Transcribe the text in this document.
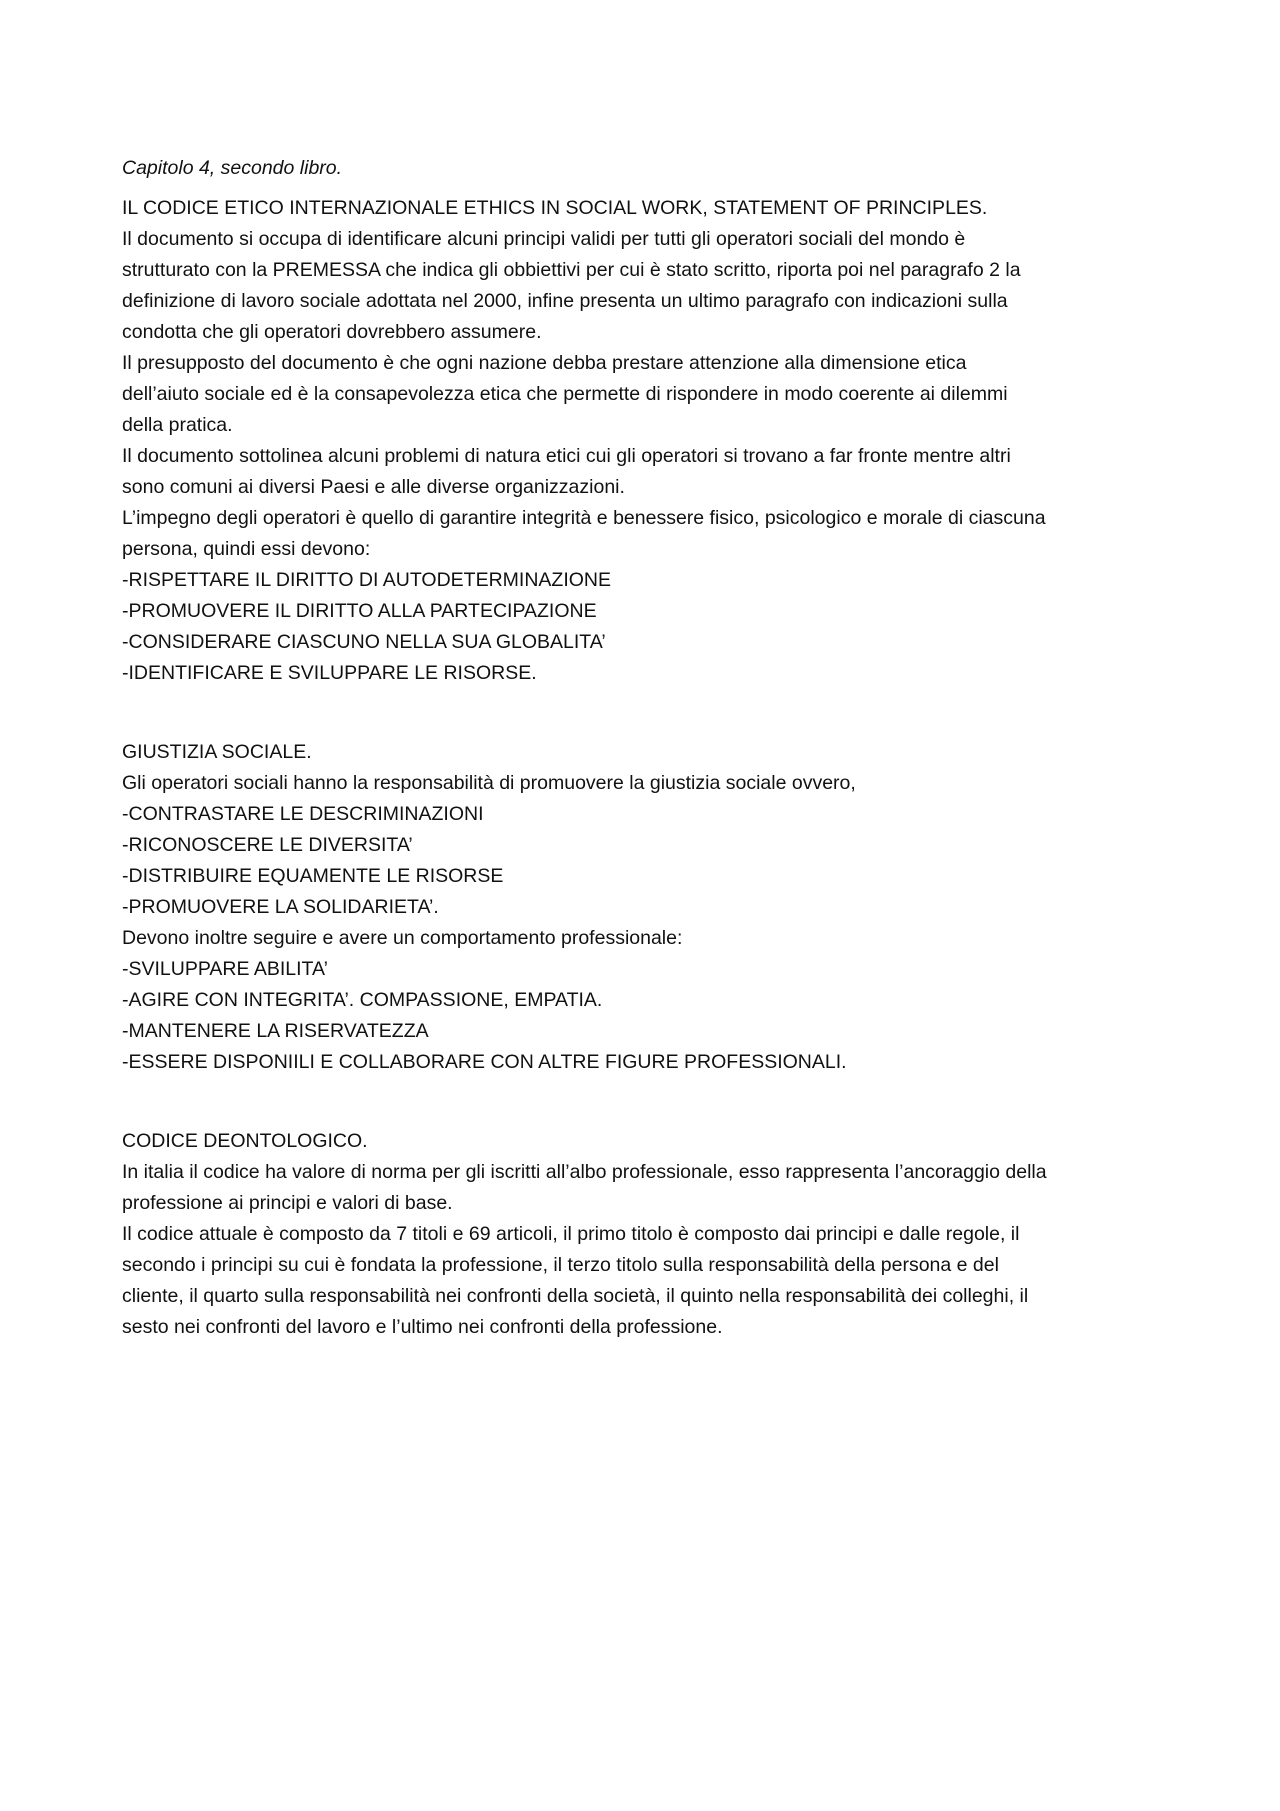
Capitolo 4, secondo libro.
IL CODICE ETICO INTERNAZIONALE ETHICS IN SOCIAL WORK, STATEMENT OF PRINCIPLES.
Il documento si occupa di identificare alcuni principi validi per tutti gli operatori sociali del mondo è
strutturato con la PREMESSA che indica gli obbiettivi per cui è stato scritto, riporta poi nel paragrafo 2 la
definizione di lavoro sociale adottata nel 2000, infine presenta un ultimo paragrafo con indicazioni sulla
condotta che gli operatori dovrebbero assumere.
Il presupposto del documento è che ogni nazione debba prestare attenzione alla dimensione etica
dell’aiuto sociale ed è la consapevolezza etica che permette di rispondere in modo coerente ai dilemmi
della pratica.
Il documento sottolinea alcuni problemi di natura etici cui gli operatori si trovano a far fronte mentre altri
sono comuni ai diversi Paesi e alle diverse organizzazioni.
L’impegno degli operatori è quello di garantire integrità e benessere fisico, psicologico e morale di ciascuna
persona, quindi essi devono:
-RISPETTARE IL DIRITTO DI AUTODETERMINAZIONE
-PROMUOVERE IL DIRITTO ALLA PARTECIPAZIONE
-CONSIDERARE CIASCUNO NELLA SUA GLOBALITA’
-IDENTIFICARE E SVILUPPARE LE RISORSE.
GIUSTIZIA SOCIALE.
Gli operatori sociali hanno la responsabilità di promuovere la giustizia sociale ovvero,
-CONTRASTARE LE DESCRIMINAZIONI
-RICONOSCERE LE DIVERSITA’
-DISTRIBUIRE EQUAMENTE LE RISORSE
-PROMUOVERE LA SOLIDARIETA’.
Devono inoltre seguire e avere un comportamento professionale:
-SVILUPPARE ABILITA’
-AGIRE CON INTEGRITA’. COMPASSIONE, EMPATIA.
-MANTENERE LA RISERVATEZZA
-ESSERE DISPONIILI E COLLABORARE CON ALTRE FIGURE PROFESSIONALI.
CODICE DEONTOLOGICO.
In italia il codice ha valore di norma per gli iscritti all’albo professionale, esso rappresenta l’ancoraggio della
professione ai principi e valori di base.
Il codice attuale è composto da 7 titoli e 69 articoli, il primo titolo è composto dai principi e dalle regole, il
secondo i principi su cui è fondata la professione, il terzo titolo sulla responsabilità della persona e del
cliente, il quarto sulla responsabilità nei confronti della società, il quinto nella responsabilità dei colleghi, il
sesto nei confronti del lavoro e l’ultimo nei confronti della professione.
